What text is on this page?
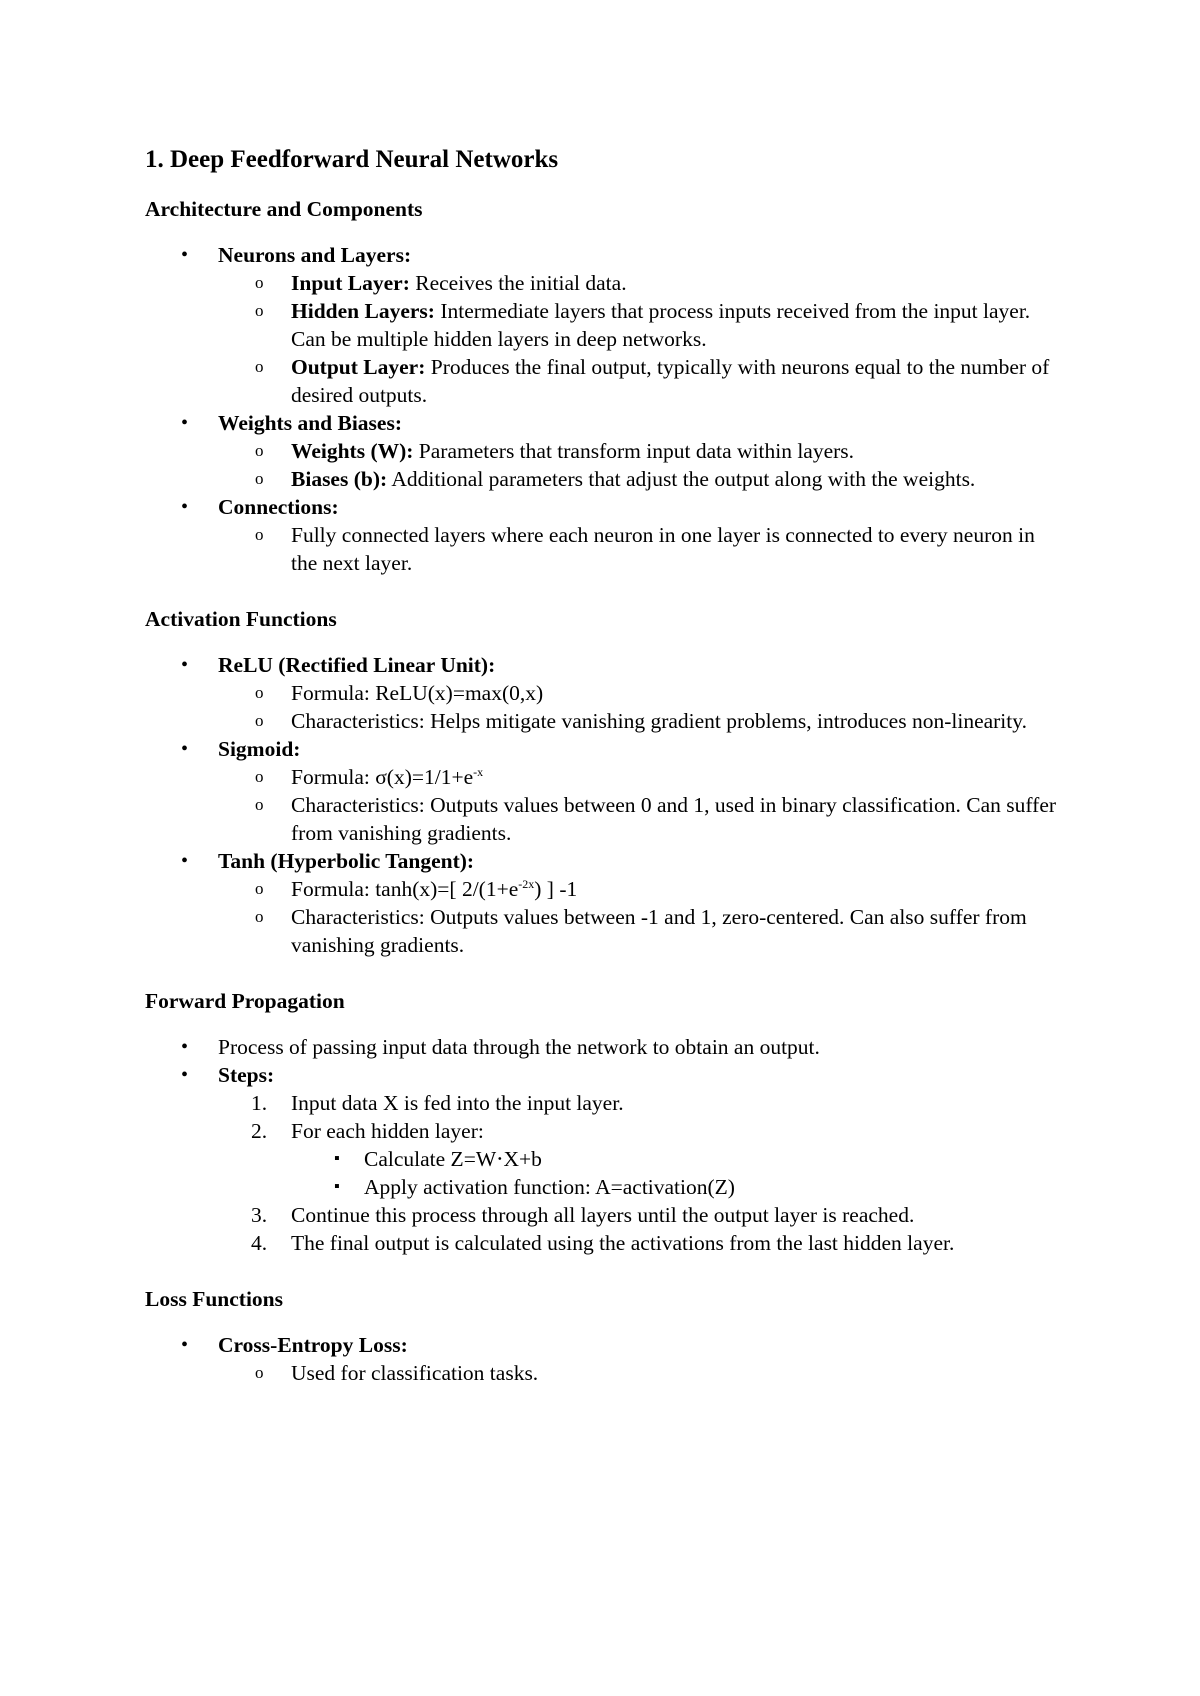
1. Deep Feedforward Neural Networks
Architecture and Components
• Neurons and Layers:
o Input Layer: Receives the initial data.
o Hidden Layers: Intermediate layers that process inputs received from the input layer. Can be multiple hidden layers in deep networks.
o Output Layer: Produces the final output, typically with neurons equal to the number of desired outputs.
• Weights and Biases:
o Weights (W): Parameters that transform input data within layers.
o Biases (b): Additional parameters that adjust the output along with the weights.
• Connections:
o Fully connected layers where each neuron in one layer is connected to every neuron in the next layer.
Activation Functions
• ReLU (Rectified Linear Unit):
o Formula: ReLU(x)=max(0,x)
o Characteristics: Helps mitigate vanishing gradient problems, introduces non-linearity.
• Sigmoid:
o Formula: $\sigma(x)=1/1+e^{-x}$
o Characteristics: Outputs values between 0 and 1, used in binary classification. Can suffer from vanishing gradients.
• Tanh (Hyperbolic Tangent):
o Formula: tanh(x)=[ $2/(1+e^{-2x})$ ] -1
o Characteristics: Outputs values between -1 and 1, zero-centered. Can also suffer from vanishing gradients.
Forward Propagation
• Process of passing input data through the network to obtain an output.
• Steps:
1. Input data X is fed into the input layer.
2. For each hidden layer:
▪ Calculate Z=W⋅X+b
▪ Apply activation function: A=activation(Z)
3. Continue this process through all layers until the output layer is reached.
4. The final output is calculated using the activations from the last hidden layer.
Loss Functions
• Cross-Entropy Loss:
o Used for classification tasks.
